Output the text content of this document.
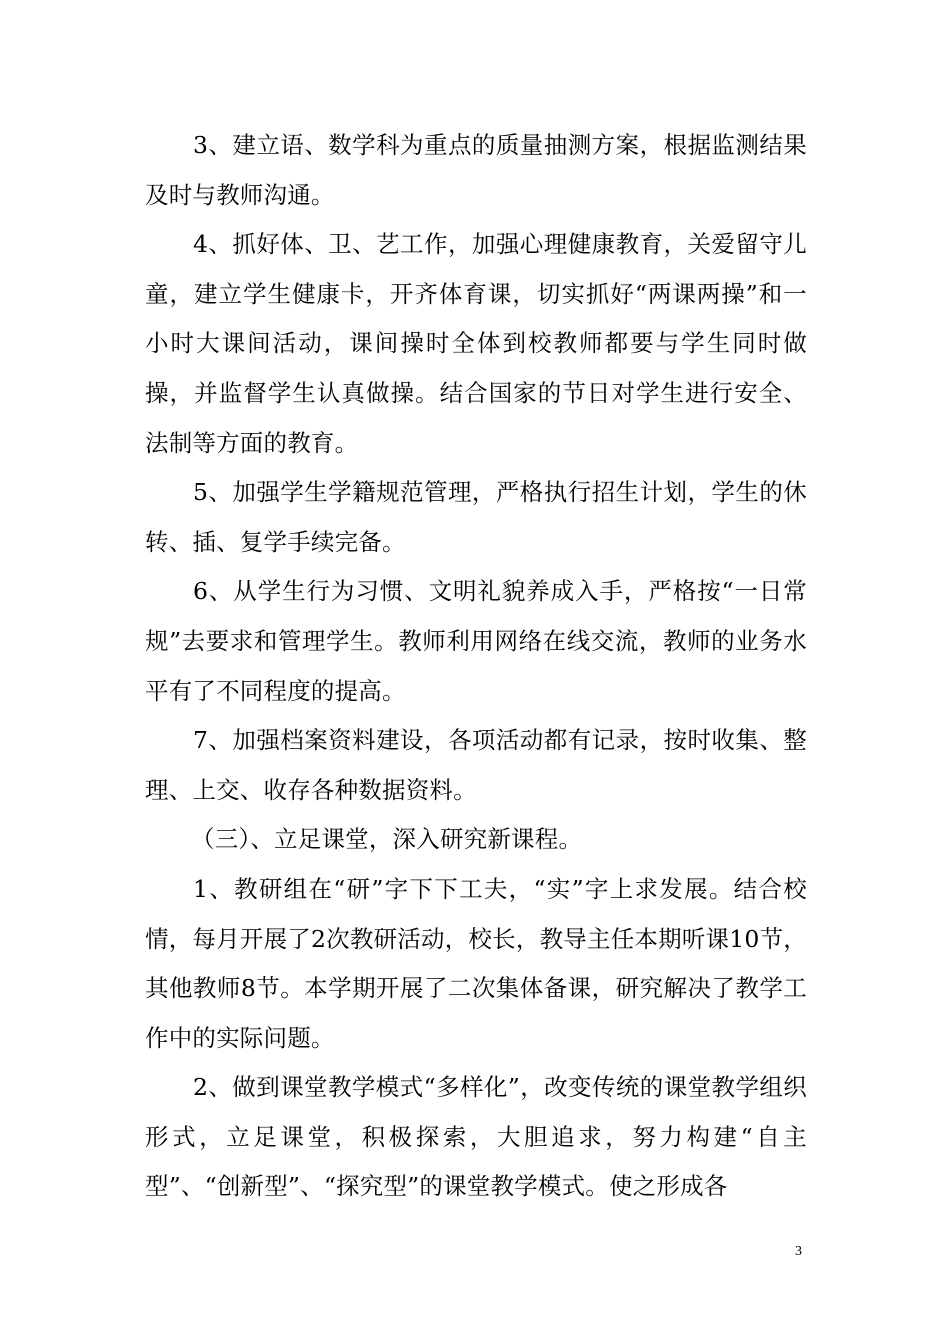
3、建立语、数学科为重点的质量抽测方案，根据监测结果及时与教师沟通。

4、抓好体、卫、艺工作，加强心理健康教育，关爱留守儿童，建立学生健康卡，开齐体育课，切实抓好“两课两操”和一小时大课间活动，课间操时全体到校教师都要与学生同时做操，并监督学生认真做操。结合国家的节日对学生进行安全、法制等方面的教育。

5、加强学生学籍规范管理，严格执行招生计划，学生的休转、插、复学手续完备。

6、从学生行为习惯、文明礼貌养成入手，严格按“一日常规”去要求和管理学生。教师利用网络在线交流，教师的业务水平有了不同程度的提高。

7、加强档案资料建设，各项活动都有记录，按时收集、整理、上交、收存各种数据资料。

（三）、立足课堂，深入研究新课程。

1、教研组在“研”字下下工夫，“实”字上求发展。结合校情，每月开展了2次教研活动，校长，教导主任本期听课10节，其他教师8节。本学期开展了二次集体备课，研究解决了教学工作中的实际问题。

2、做到课堂教学模式“多样化”，改变传统的课堂教学组织形式，立足课堂，积极探索，大胆追求，努力构建“自主型”、“创新型”、“探究型”的课堂教学模式。使之形成各

3
